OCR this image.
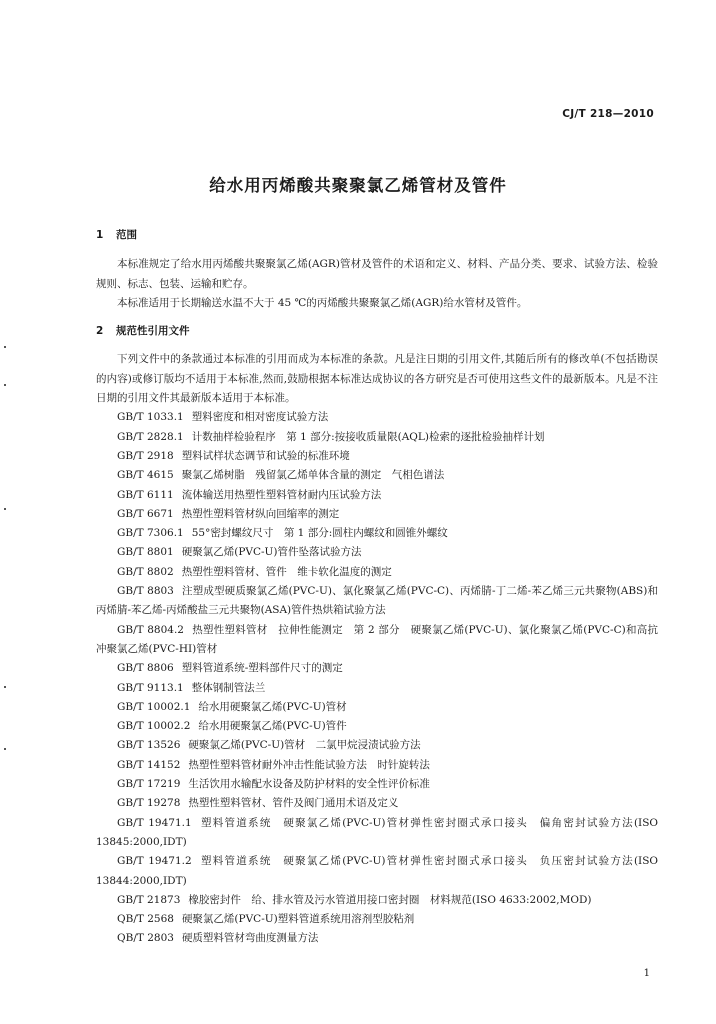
CJ/T 218—2010
给水用丙烯酸共聚聚氯乙烯管材及管件
1 范围

本标准规定了给水用丙烯酸共聚聚氯乙烯(AGR)管材及管件的术语和定义、材料、产品分类、要求、试验方法、检验规则、标志、包装、运输和贮存。

本标准适用于长期输送水温不大于 45 ℃的丙烯酸共聚聚氯乙烯(AGR)给水管材及管件。

2 规范性引用文件

下列文件中的条款通过本标准的引用而成为本标准的条款。凡是注日期的引用文件,其随后所有的修改单(不包括勘误的内容)或修订版均不适用于本标准,然而,鼓励根据本标准达成协议的各方研究是否可使用这些文件的最新版本。凡是不注日期的引用文件其最新版本适用于本标准。

GB/T 1033.1 塑料密度和相对密度试验方法

GB/T 2828.1 计数抽样检验程序　第 1 部分:按接收质量限(AQL)检索的逐批检验抽样计划

GB/T 2918 塑料试样状态调节和试验的标准环境

GB/T 4615 聚氯乙烯树脂　残留氯乙烯单体含量的测定　气相色谱法

GB/T 6111 流体输送用热塑性塑料管材耐内压试验方法

GB/T 6671 热塑性塑料管材纵向回缩率的测定

GB/T 7306.1 55°密封螺纹尺寸　第 1 部分:圆柱内螺纹和圆锥外螺纹

GB/T 8801 硬聚氯乙烯(PVC-U)管件坠落试验方法

GB/T 8802 热塑性塑料管材、管件　维卡软化温度的测定

GB/T 8803 注塑成型硬质聚氯乙烯(PVC-U)、氯化聚氯乙烯(PVC-C)、丙烯腈-丁二烯-苯乙烯三元共聚物(ABS)和丙烯腈-苯乙烯-丙烯酸盐三元共聚物(ASA)管件热烘箱试验方法

GB/T 8804.2 热塑性塑料管材　拉伸性能测定　第 2 部分　硬聚氯乙烯(PVC-U)、氯化聚氯乙烯(PVC-C)和高抗冲聚氯乙烯(PVC-HI)管材

GB/T 8806 塑料管道系统-塑料部件尺寸的测定

GB/T 9113.1 整体钢制管法兰

GB/T 10002.1 给水用硬聚氯乙烯(PVC-U)管材

GB/T 10002.2 给水用硬聚氯乙烯(PVC-U)管件

GB/T 13526 硬聚氯乙烯(PVC-U)管材　二氯甲烷浸渍试验方法

GB/T 14152 热塑性塑料管材耐外冲击性能试验方法　时针旋转法

GB/T 17219 生活饮用水输配水设备及防护材料的安全性评价标准

GB/T 19278 热塑性塑料管材、管件及阀门通用术语及定义

GB/T 19471.1 塑料管道系统　硬聚氯乙烯(PVC-U)管材弹性密封圈式承口接头　偏角密封试验方法(ISO 13845:2000,IDT)

GB/T 19471.2 塑料管道系统　硬聚氯乙烯(PVC-U)管材弹性密封圈式承口接头　负压密封试验方法(ISO 13844:2000,IDT)

GB/T 21873 橡胶密封件　给、排水管及污水管道用接口密封圈　材料规范(ISO 4633:2002,MOD)

QB/T 2568 硬聚氯乙烯(PVC-U)塑料管道系统用溶剂型胶粘剂

QB/T 2803 硬质塑料管材弯曲度测量方法

1
